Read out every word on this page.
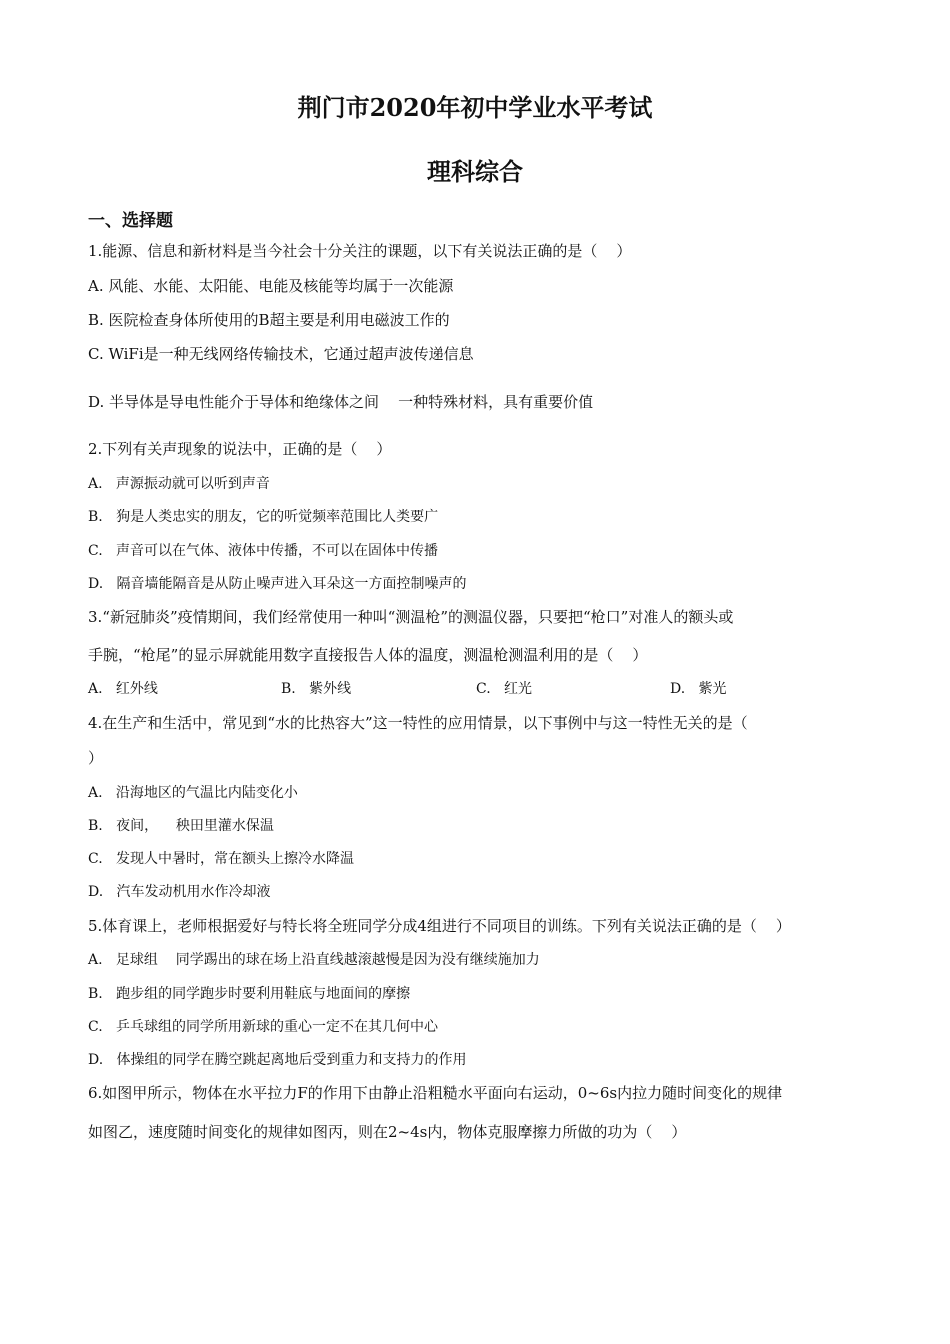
荆门市2020年初中学业水平考试
理科综合
一、选择题

1.能源、信息和新材料是当今社会十分关注的课题，以下有关说法正确的是（    ）

A. 风能、水能、太阳能、电能及核能等均属于一次能源

B. 医院检查身体所使用的B超主要是利用电磁波工作的

C. WiFi是一种无线网络传输技术，它通过超声波传递信息

D. 半导体是导电性能介于导体和绝缘体之间    一种特殊材料，具有重要价值

2.下列有关声现象的说法中，正确的是（    ）

A.   声源振动就可以听到声音

B.   狗是人类忠实的朋友，它的听觉频率范围比人类要广

C.   声音可以在气体、液体中传播，不可以在固体中传播

D.   隔音墙能隔音是从防止噪声进入耳朵这一方面控制噪声的

3.“新冠肺炎”疫情期间，我们经常使用一种叫“测温枪”的测温仪器，只要把“枪口”对准人的额头或

手腕，“枪尾”的显示屏就能用数字直接报告人体的温度，测温枪测温利用的是（    ）

A.   红外线	B.   紫外线	C.   红光	D.   紫光

4.在生产和生活中，常见到“水的比热容大”这一特性的应用情景，以下事例中与这一特性无关的是（

）

A.   沿海地区的气温比内陆变化小

B.   夜间，    秧田里灌水保温

C.   发现人中暑时，常在额头上擦冷水降温

D.   汽车发动机用水作冷却液

5.体育课上，老师根据爱好与特长将全班同学分成4组进行不同项目的训练。下列有关说法正确的是（    ）

A.   足球组    同学踢出的球在场上沿直线越滚越慢是因为没有继续施加力

B.   跑步组的同学跑步时要利用鞋底与地面间的摩擦

C.   乒乓球组的同学所用新球的重心一定不在其几何中心

D.   体操组的同学在腾空跳起离地后受到重力和支持力的作用

6.如图甲所示，物体在水平拉力F的作用下由静止沿粗糙水平面向右运动，0~6s内拉力随时间变化的规律

如图乙，速度随时间变化的规律如图丙，则在2~4s内，物体克服摩擦力所做的功为（    ）
